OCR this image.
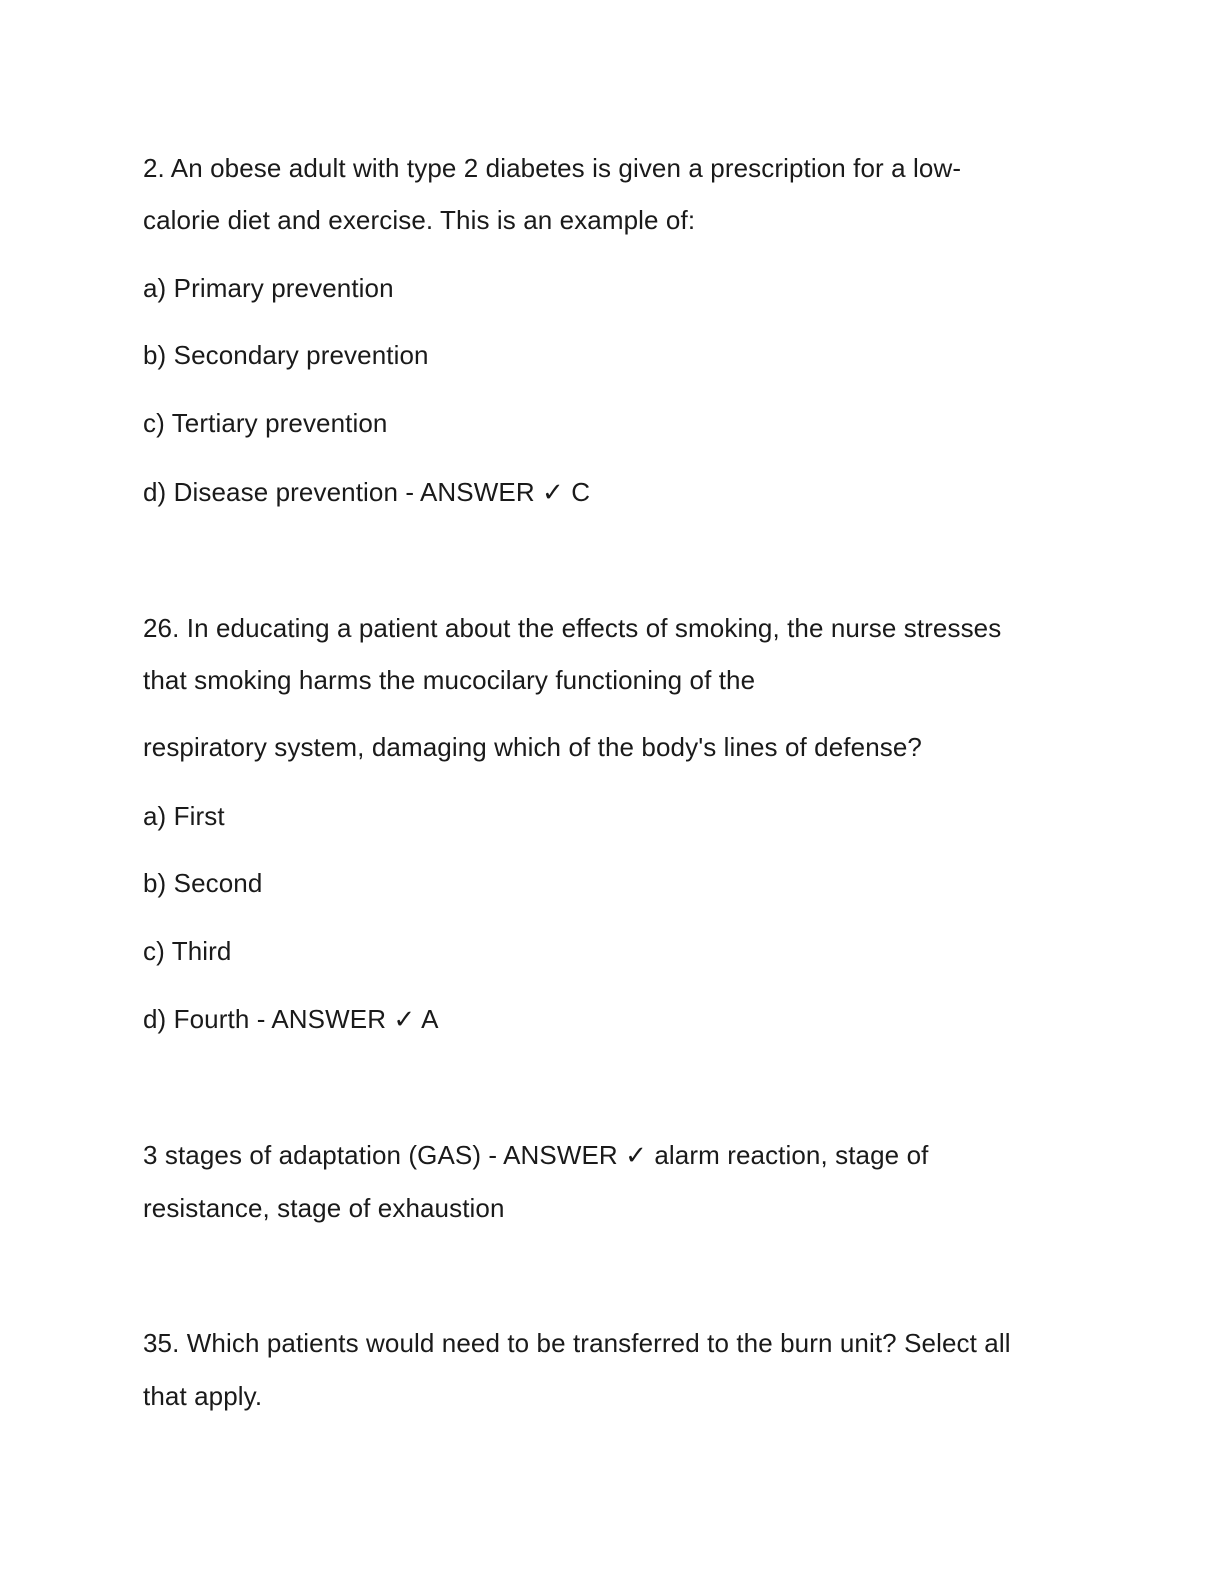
2. An obese adult with type 2 diabetes is given a prescription for a low-
calorie diet and exercise. This is an example of:
a) Primary prevention
b) Secondary prevention
c) Tertiary prevention
d) Disease prevention - ANSWER ✓ C
26. In educating a patient about the effects of smoking, the nurse stresses
that smoking harms the mucocilary functioning of the
respiratory system, damaging which of the body's lines of defense?
a) First
b) Second
c) Third
d) Fourth - ANSWER ✓ A
3 stages of adaptation (GAS) - ANSWER ✓ alarm reaction, stage of
resistance, stage of exhaustion
35. Which patients would need to be transferred to the burn unit? Select all
that apply.
